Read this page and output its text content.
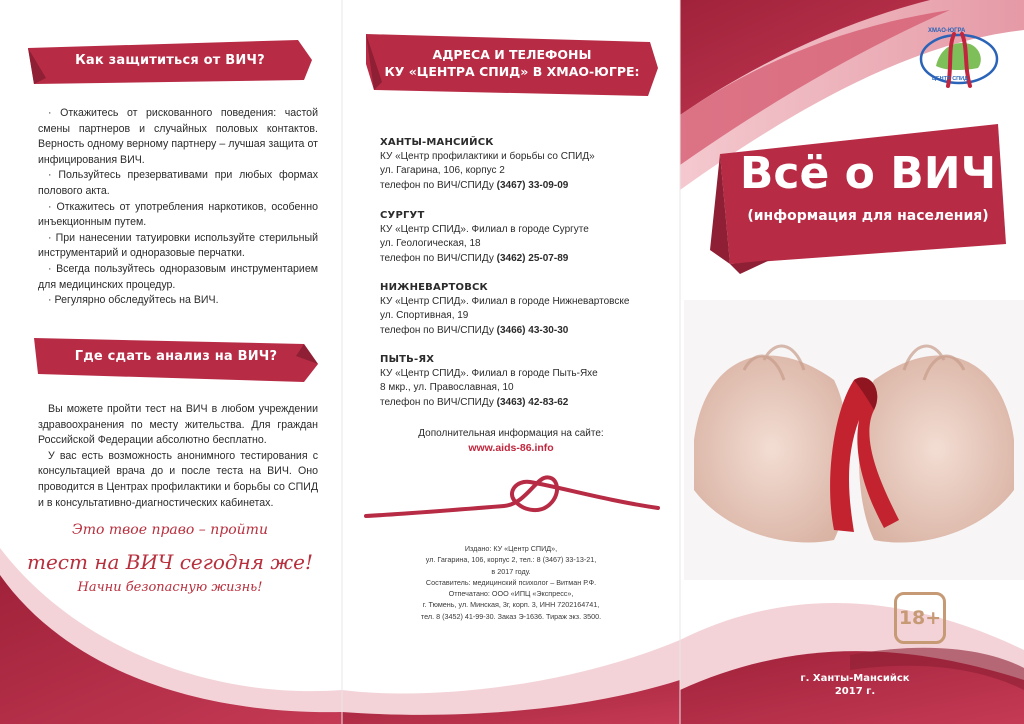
Как защититься от ВИЧ?

· Откажитесь от рискованного поведения: частой смены партнеров и случайных половых контактов. Верность одному верному партнеру – лучшая защита от инфицирования ВИЧ.

· Пользуйтесь презервативами при любых формах полового акта.

· Откажитесь от употребления наркотиков, особенно инъекционным путем.

· При нанесении татуировки используйте стерильный инструментарий и одноразовые перчатки.

· Всегда пользуйтесь одноразовым инструментарием для медицинских процедур.

· Регулярно обследуйтесь на ВИЧ.

Где сдать анализ на ВИЧ?

Вы можете пройти тест на ВИЧ в любом учреждении здравоохранения по месту жительства. Для граждан Российской Федерации абсолютно бесплатно.

У вас есть возможность анонимного тестирования с консультацией врача до и после теста на ВИЧ. Оно проводится в Центрах профилактики и борьбы со СПИД и в консультативно-диагностических кабинетах.

Это твое право – пройти
тест на ВИЧ сегодня же!
Начни безопасную жизнь!
АДРЕСА И ТЕЛЕФОНЫ
КУ «ЦЕНТРА СПИД» В ХМАО-ЮГРЕ:
ХАНТЫ-МАНСИЙСК
КУ «Центр профилактики и борьбы со СПИД»
ул. Гагарина, 106, корпус 2
телефон по ВИЧ/СПИДу (3467) 33-09-09
СУРГУТ
КУ «Центр СПИД». Филиал в городе Сургуте
ул. Геологическая, 18
телефон по ВИЧ/СПИДу (3462) 25-07-89
НИЖНЕВАРТОВСК
КУ «Центр СПИД». Филиал в городе Нижневартовске
ул. Спортивная, 19
телефон по ВИЧ/СПИДу (3466) 43-30-30
ПЫТЬ-ЯХ
КУ «Центр СПИД». Филиал в городе Пыть-Яхе
8 мкр., ул. Православная, 10
телефон по ВИЧ/СПИДу (3463) 42-83-62
Дополнительная информация на сайте:
www.aids-86.info
Издано: КУ «Центр СПИД»,
ул. Гагарина, 106, корпус 2, тел.: 8 (3467) 33-13-21,
в 2017 году.
Составитель: медицинский психолог – Витман Р.Ф.
Отпечатано: ООО «ИПЦ «Экспресс»,
г. Тюмень, ул. Минская, 3г, корп. 3, ИНН 7202164741,
тел. 8 (3452) 41-99-30. Заказ Э-1636. Тираж экз. 3500.
ХМАО-ЮГРА
ЦЕНТР СПИД
Всё о ВИЧ
(информация для населения)
18+
г. Ханты-Мансийск
2017 г.
